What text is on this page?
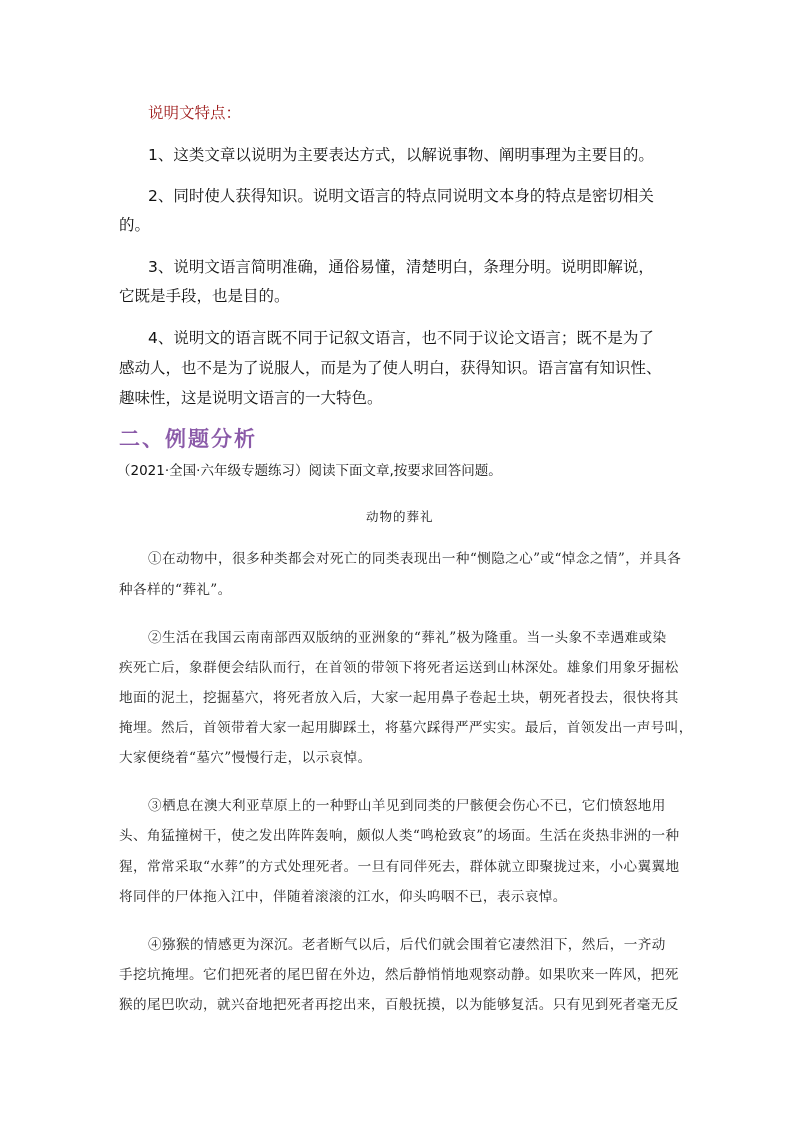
说明文特点：
1、这类文章以说明为主要表达方式，以解说事物、阐明事理为主要目的。
2、同时使人获得知识。说明文语言的特点同说明文本身的特点是密切相关
的。
3、说明文语言简明准确，通俗易懂，清楚明白，条理分明。说明即解说，
它既是手段，也是目的。
4、说明文的语言既不同于记叙文语言，也不同于议论文语言；既不是为了
感动人，也不是为了说服人，而是为了使人明白，获得知识。语言富有知识性、
趣味性，这是说明文语言的一大特色。
二、例题分析
（2021·全国·六年级专题练习）阅读下面文章,按要求回答问题。
动物的葬礼
①在动物中，很多种类都会对死亡的同类表现出一种“恻隐之心”或“悼念之情”，并具各
种各样的“葬礼”。
②生活在我国云南南部西双版纳的亚洲象的“葬礼”极为隆重。当一头象不幸遇难或染
疾死亡后，象群便会结队而行，在首领的带领下将死者运送到山林深处。雄象们用象牙掘松
地面的泥土，挖掘墓穴，将死者放入后，大家一起用鼻子卷起土块，朝死者投去，很快将其
掩埋。然后，首领带着大家一起用脚踩土，将墓穴踩得严严实实。最后，首领发出一声号叫，
大家便绕着“墓穴”慢慢行走，以示哀悼。
③栖息在澳大利亚草原上的一种野山羊见到同类的尸骸便会伤心不已，它们愤怒地用
头、角猛撞树干，使之发出阵阵轰响，颇似人类“鸣枪致哀”的场面。生活在炎热非洲的一种
猩，常常采取“水葬”的方式处理死者。一旦有同伴死去，群体就立即聚拢过来，小心翼翼地
将同伴的尸体拖入江中，伴随着滚滚的江水，仰头呜咽不已，表示哀悼。
④猕猴的情感更为深沉。老者断气以后，后代们就会围着它凄然泪下，然后，一齐动
手挖坑掩埋。它们把死者的尾巴留在外边，然后静悄悄地观察动静。如果吹来一阵风，把死
猴的尾巴吹动，就兴奋地把死者再挖出来，百般抚摸，以为能够复活。只有见到死者毫无反
